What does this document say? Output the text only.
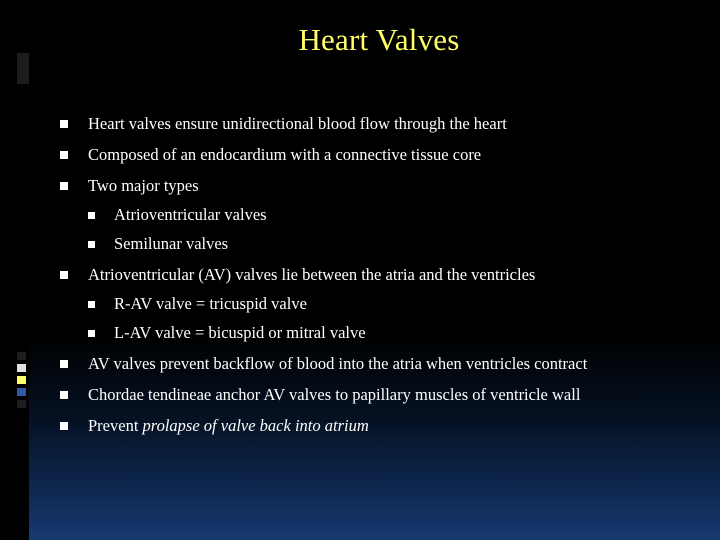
Heart Valves
Heart valves ensure unidirectional blood flow through the heart
Composed of an endocardium with a connective tissue core
Two major types
Atrioventricular valves
Semilunar valves
Atrioventricular (AV) valves lie between the atria and the ventricles
R-AV valve = tricuspid valve
L-AV valve = bicuspid or mitral valve
AV valves prevent backflow of blood into the atria when ventricles contract
Chordae tendineae anchor AV valves to papillary muscles of ventricle wall
Prevent prolapse of valve back into atrium
